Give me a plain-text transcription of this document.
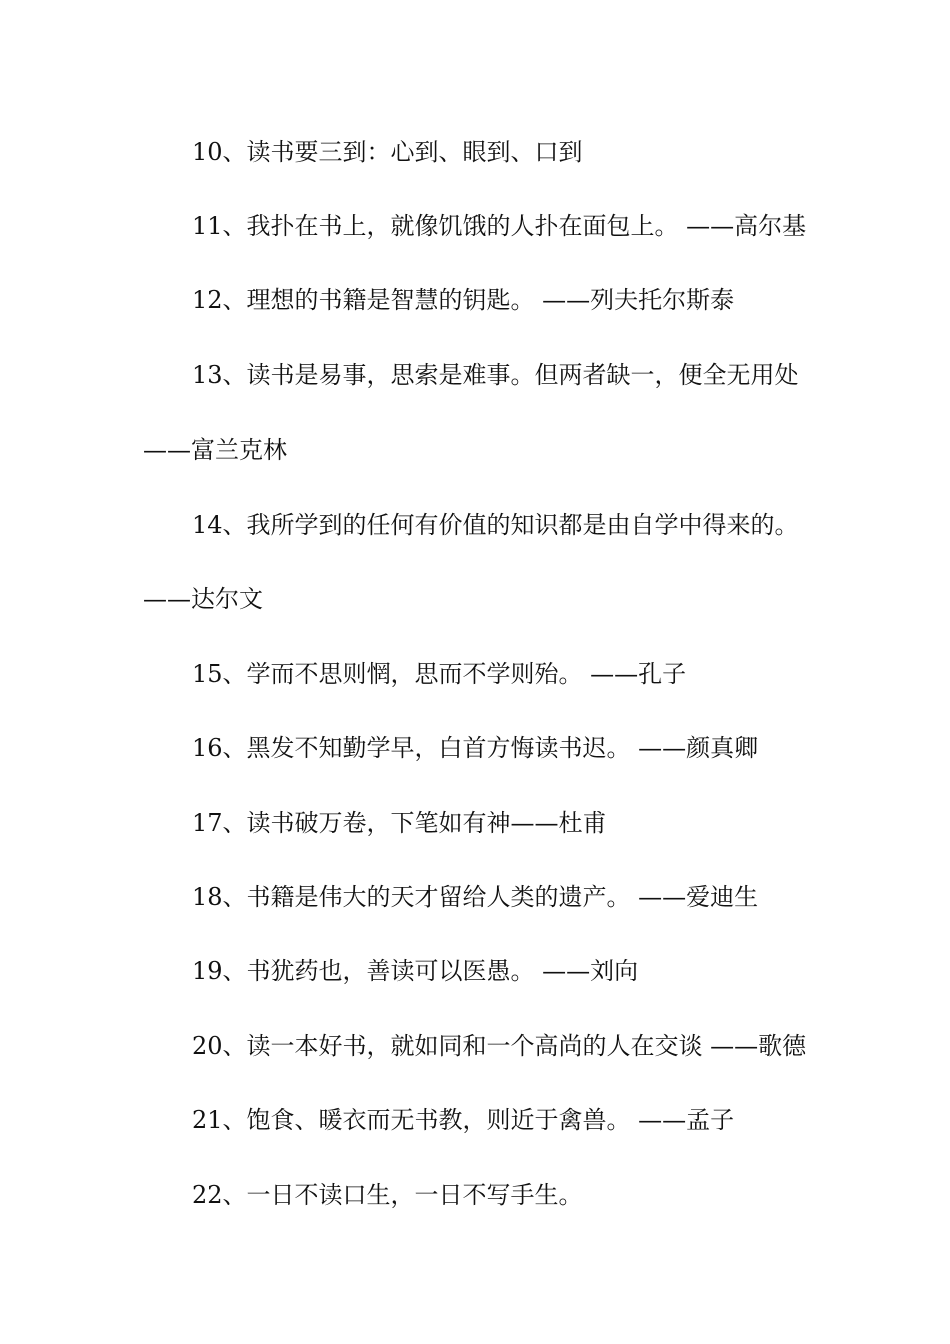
10、读书要三到：心到、眼到、口到
11、我扑在书上，就像饥饿的人扑在面包上。 ——高尔基
12、理想的书籍是智慧的钥匙。 ——列夫托尔斯泰
13、读书是易事，思索是难事。但两者缺一，便全无用处
——富兰克林
14、我所学到的任何有价值的知识都是由自学中得来的。
——达尔文
15、学而不思则惘，思而不学则殆。 ——孔子
16、黑发不知勤学早，白首方悔读书迟。 ——颜真卿
17、读书破万卷，下笔如有神——杜甫
18、书籍是伟大的天才留给人类的遗产。 ——爱迪生
19、书犹药也，善读可以医愚。 ——刘向
20、读一本好书，就如同和一个高尚的人在交谈 ——歌德
21、饱食、暖衣而无书教，则近于禽兽。 ——孟子
22、一日不读口生，一日不写手生。
